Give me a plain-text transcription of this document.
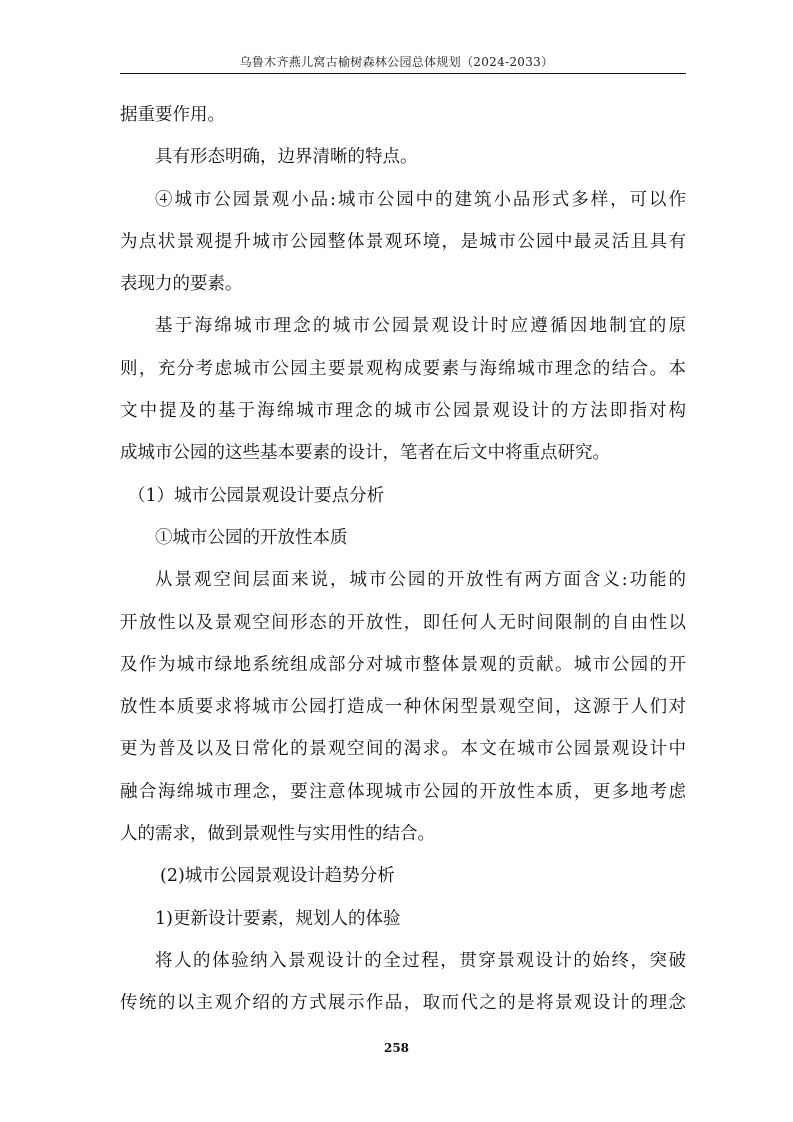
乌鲁木齐燕儿窝古榆树森林公园总体规划（2024-2033）
据重要作用。
具有形态明确，边界清晰的特点。
④城市公园景观小品:城市公园中的建筑小品形式多样，可以作
为点状景观提升城市公园整体景观环境，是城市公园中最灵活且具有
表现力的要素。
基于海绵城市理念的城市公园景观设计时应遵循因地制宜的原
则，充分考虑城市公园主要景观构成要素与海绵城市理念的结合。本
文中提及的基于海绵城市理念的城市公园景观设计的方法即指对构
成城市公园的这些基本要素的设计，笔者在后文中将重点研究。
（1）城市公园景观设计要点分析
①城市公园的开放性本质
从景观空间层面来说，城市公园的开放性有两方面含义:功能的
开放性以及景观空间形态的开放性，即任何人无时间限制的自由性以
及作为城市绿地系统组成部分对城市整体景观的贡献。城市公园的开
放性本质要求将城市公园打造成一种休闲型景观空间，这源于人们对
更为普及以及日常化的景观空间的渴求。本文在城市公园景观设计中
融合海绵城市理念，要注意体现城市公园的开放性本质，更多地考虑
人的需求，做到景观性与实用性的结合。
(2)城市公园景观设计趋势分析
1)更新设计要素，规划人的体验
将人的体验纳入景观设计的全过程，贯穿景观设计的始终，突破
传统的以主观介绍的方式展示作品，取而代之的是将景观设计的理念
258
